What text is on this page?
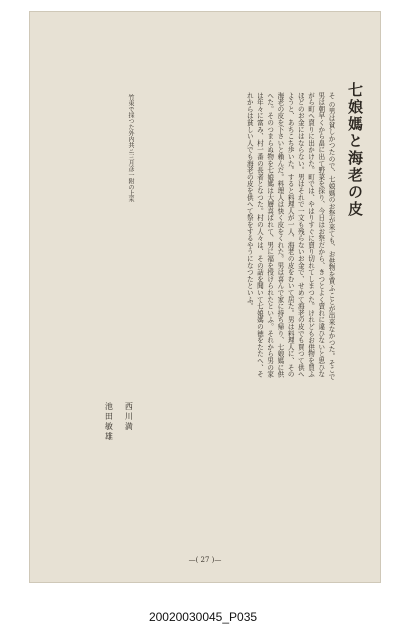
七娘媽と海老の皮
そ の男は貧しかつたので、七娘媽のお祭が来ても、お供物を買ふことが出来なかつた。そこで男は朝早くから畠に出て野菜を採り、今日はお祭だから、きつとよく賣れに違ひないと思ひながら町へ賣りに出かけた。町では、やはりすぐに賣り切れてしまつた。けれどもお供物を買ふほどのお金にはならない。男はそれで一文も残らないお金で、せめて海老の皮でも買つて供へようと、あちこち歩いた。すると料理人が一人、海老の皮をむいて居た。男は料理人に、その海老の皮を下さいと賴んだ。料理人は快く皮をくれた。男は喜んで家に持ち帰り、七娘媽に供へた。そのつまらぬ物を七娘媽は大層喜ばれて、男に福を授けられたといふ。それから男の家は年々に富み、村一番の長者となつた。村の人々は、その話を聞いて七娘媽の徳をたたへ、それからは貧しい人でも海老の皮を供へて祭をするやうになつたといふ。
竹東で採つた外内共ニ三月彦一附の上采
西川満
池田敏雄
—( 27 )—
20020030045_P035
